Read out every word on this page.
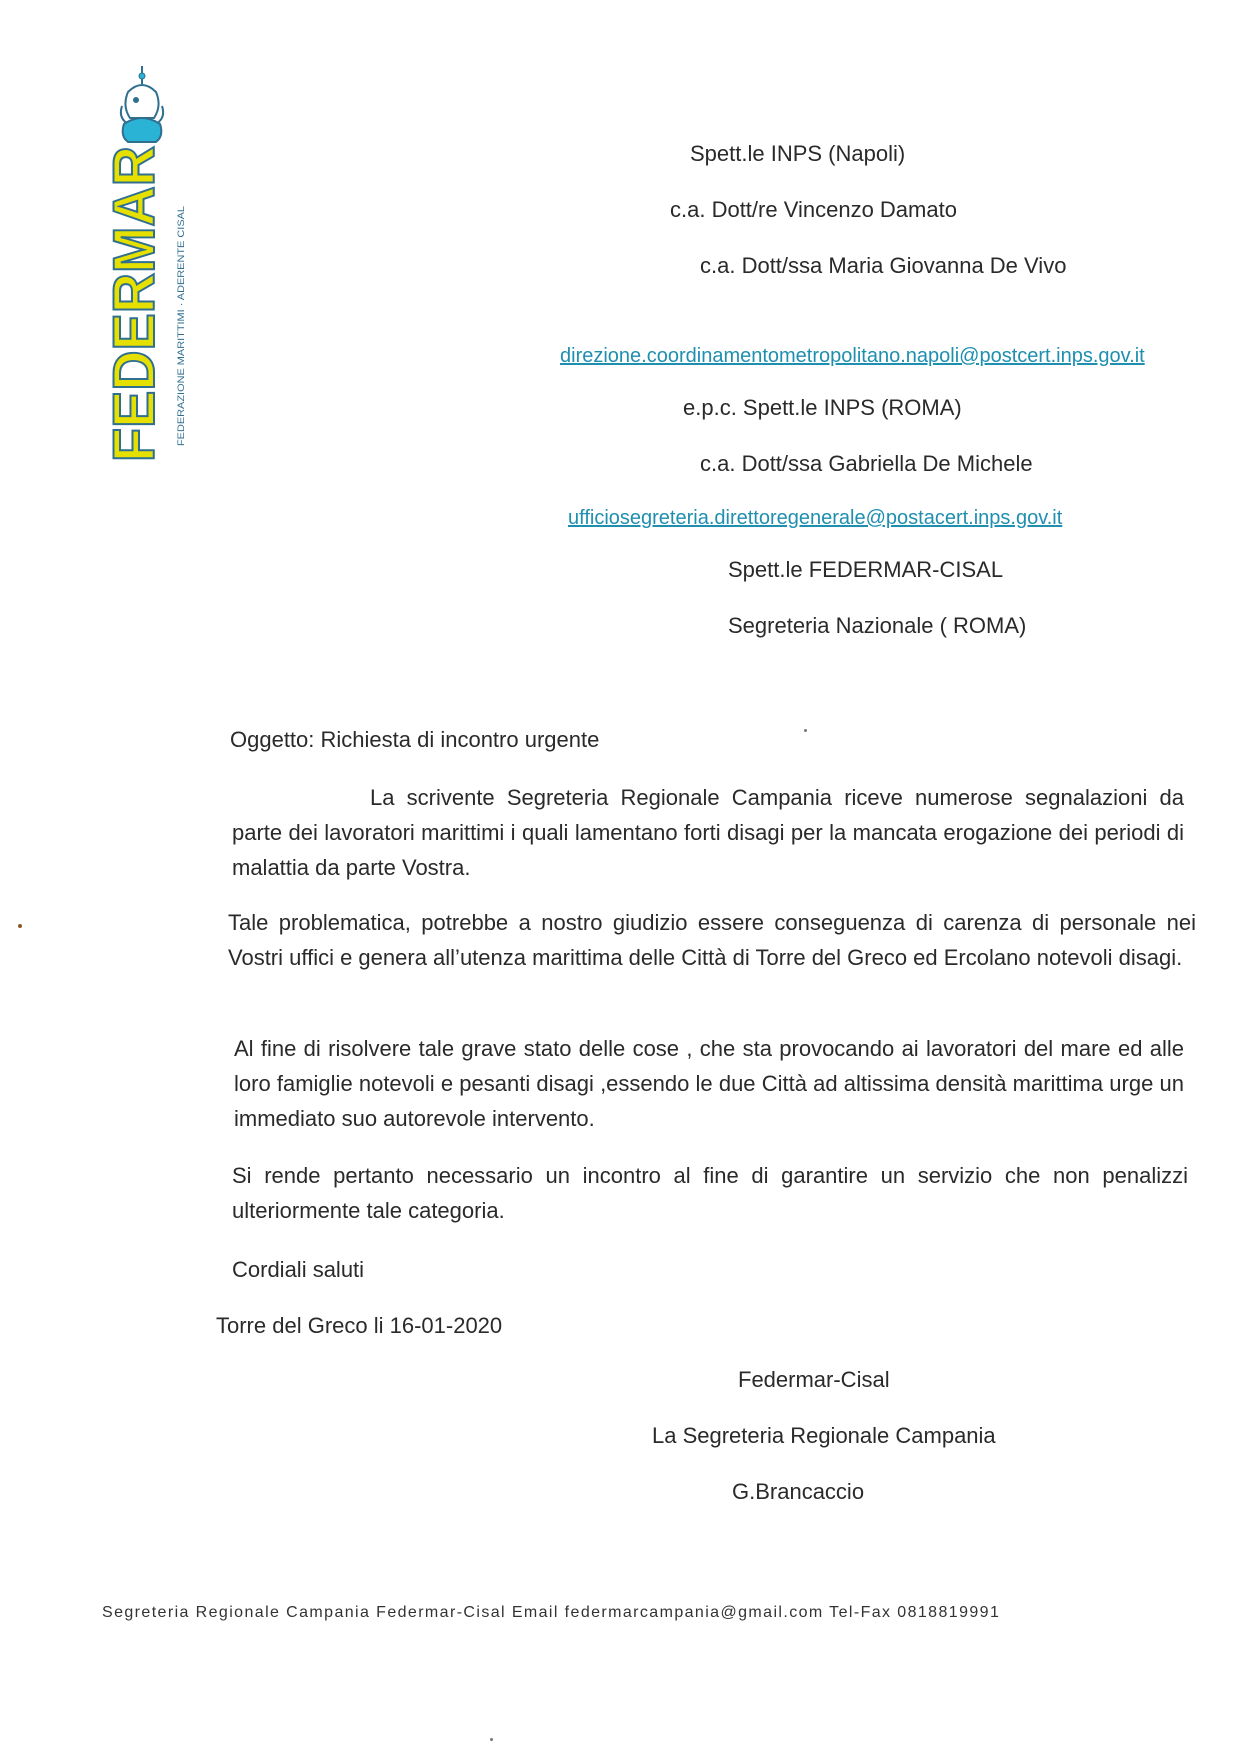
FEDERMAR FEDERAZIONE MARITTIMI · ADERENTE CISAL
Spett.le INPS (Napoli)
c.a. Dott/re Vincenzo Damato
c.a. Dott/ssa Maria Giovanna De Vivo
direzione.coordinamentometropolitano.napoli@postcert.inps.gov.it
e.p.c. Spett.le INPS (ROMA)
c.a. Dott/ssa Gabriella De Michele
ufficiosegreteria.direttoregenerale@postacert.inps.gov.it
Spett.le FEDERMAR-CISAL
Segreteria Nazionale ( ROMA)
Oggetto: Richiesta di incontro urgente

La scrivente Segreteria Regionale Campania riceve numerose segnalazioni da parte dei lavoratori marittimi i quali lamentano forti disagi per la mancata erogazione dei periodi di malattia da parte Vostra.

Tale problematica, potrebbe a nostro giudizio essere conseguenza di carenza di personale nei Vostri uffici e genera all’utenza marittima delle Città di Torre del Greco ed Ercolano notevoli disagi.

Al fine di risolvere tale grave stato delle cose , che sta provocando ai lavoratori del mare ed alle loro famiglie notevoli e pesanti disagi ,essendo le due Città ad altissima densità marittima urge un immediato suo autorevole intervento.

Si rende pertanto necessario un incontro al fine di garantire un servizio che non penalizzi ulteriormente tale categoria.

Cordiali saluti
Torre del Greco li 16-01-2020
Federmar-Cisal
La Segreteria Regionale Campania
G.Brancaccio
Segreteria Regionale Campania Federmar-Cisal Email federmarcampania@gmail.com Tel-Fax 0818819991
